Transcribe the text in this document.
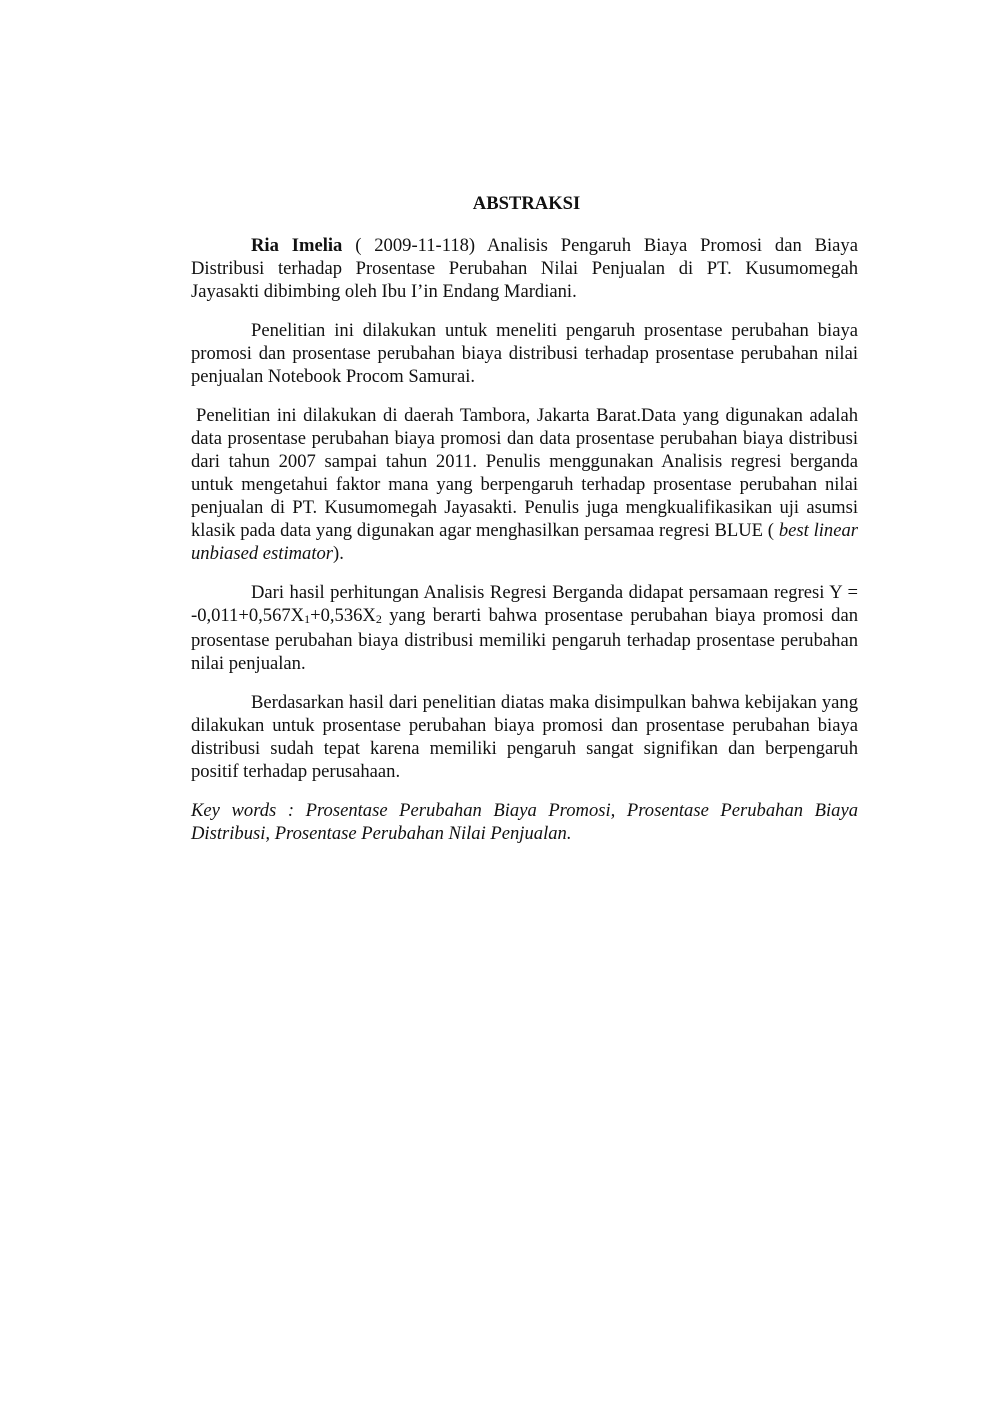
ABSTRAKSI

Ria Imelia ( 2009-11-118) Analisis Pengaruh Biaya Promosi dan Biaya Distribusi terhadap Prosentase Perubahan Nilai Penjualan di PT. Kusumomegah Jayasakti dibimbing oleh Ibu I’in Endang Mardiani.

Penelitian ini dilakukan untuk meneliti pengaruh prosentase perubahan biaya promosi dan prosentase perubahan biaya distribusi terhadap prosentase perubahan nilai penjualan Notebook Procom Samurai.

Penelitian ini dilakukan di daerah Tambora, Jakarta Barat.Data yang digunakan adalah data prosentase perubahan biaya promosi dan data prosentase perubahan biaya distribusi dari tahun 2007 sampai tahun 2011. Penulis menggunakan Analisis regresi berganda untuk mengetahui faktor mana yang berpengaruh terhadap prosentase perubahan nilai penjualan di PT. Kusumomegah Jayasakti. Penulis juga mengkualifikasikan uji asumsi klasik pada data yang digunakan agar menghasilkan persamaa regresi BLUE ( best linear unbiased estimator).

Dari hasil perhitungan Analisis Regresi Berganda didapat persamaan regresi $Y = -0,011+0,567X_1+0,536X_2$ yang berarti bahwa prosentase perubahan biaya promosi dan prosentase perubahan biaya distribusi memiliki pengaruh terhadap prosentase perubahan nilai penjualan.

Berdasarkan hasil dari penelitian diatas maka disimpulkan bahwa kebijakan yang dilakukan untuk prosentase perubahan biaya promosi dan prosentase perubahan biaya distribusi sudah tepat karena memiliki pengaruh sangat signifikan dan berpengaruh positif terhadap perusahaan.

Key words : Prosentase Perubahan Biaya Promosi, Prosentase Perubahan Biaya Distribusi, Prosentase Perubahan Nilai Penjualan.
